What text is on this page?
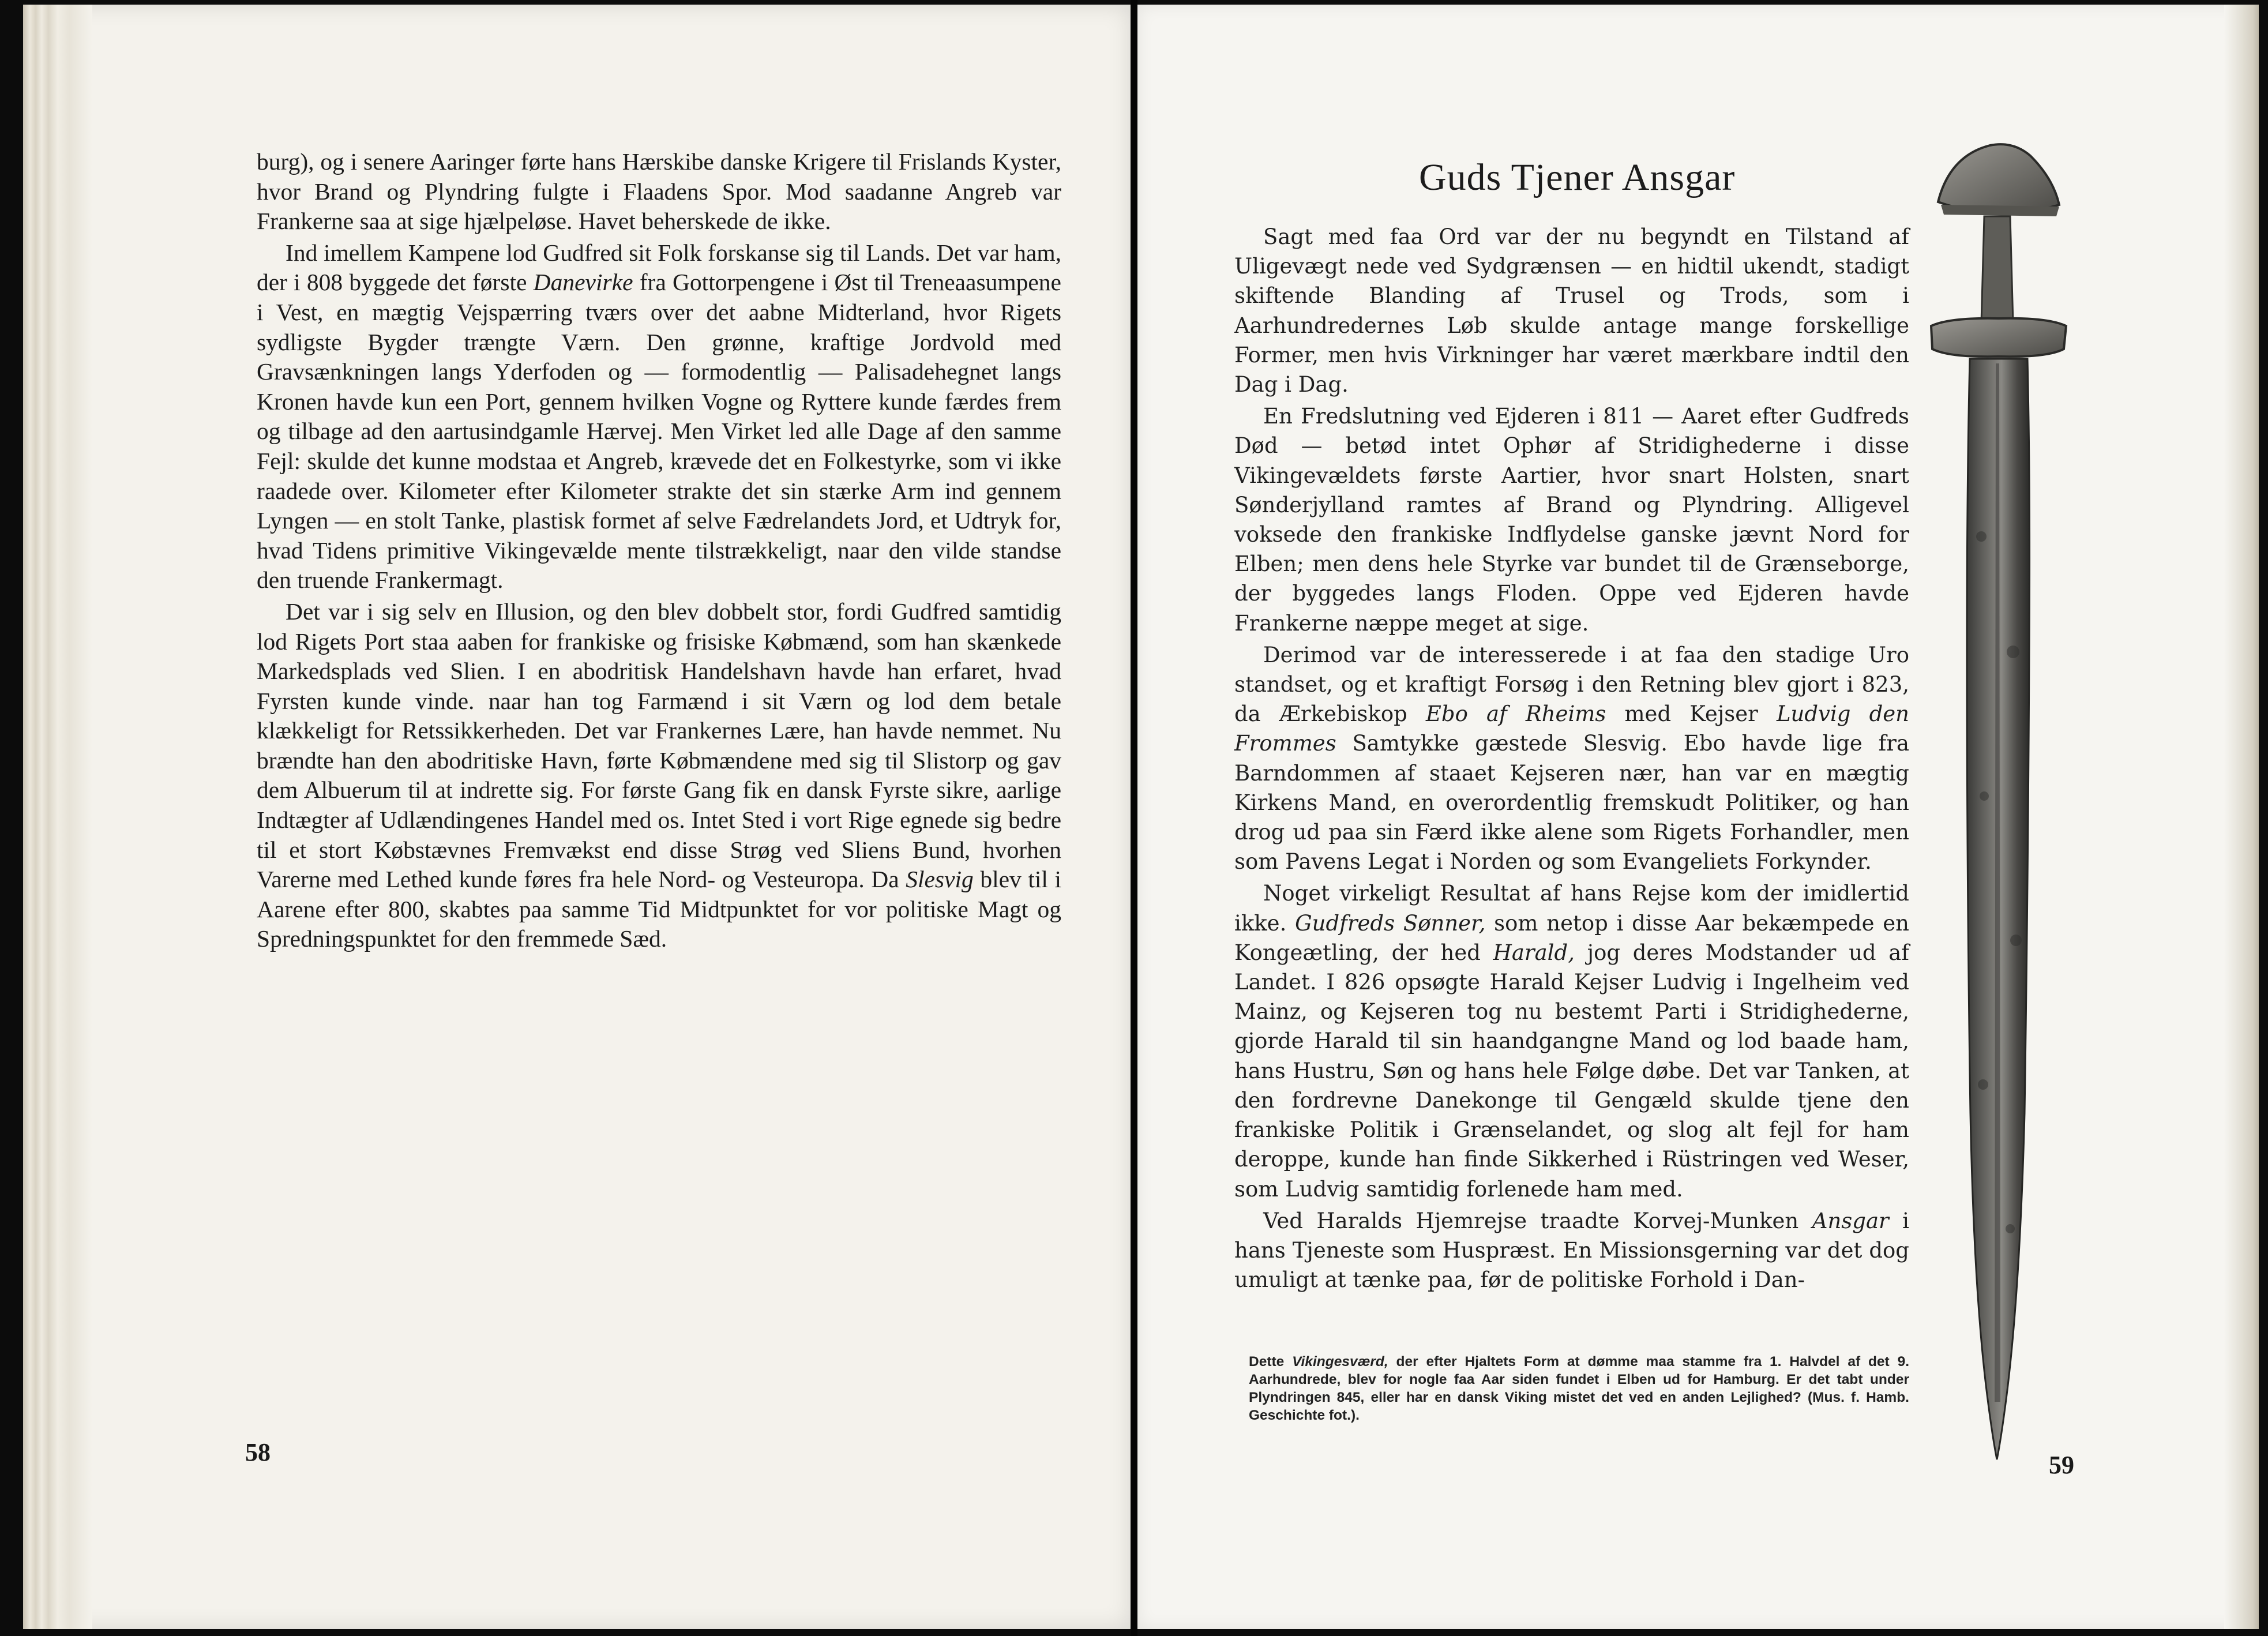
burg), og i senere Aaringer førte hans Hærskibe danske Krigere til Frislands Kyster, hvor Brand og Plyndring fulgte i Flaadens Spor. Mod saadanne Angreb var Frankerne saa at sige hjælpeløse. Havet beherskede de ikke.

Ind imellem Kampene lod Gudfred sit Folk forskanse sig til Lands. Det var ham, der i 808 byggede det første Danevirke fra Gottorpengene i Øst til Treneaasumpene i Vest, en mægtig Vejspærring tværs over det aabne Midterland, hvor Rigets sydligste Bygder trængte Værn. Den grønne, kraftige Jordvold med Gravsænkningen langs Yderfoden og — formodentlig — Palisadehegnet langs Kronen havde kun een Port, gennem hvilken Vogne og Ryttere kunde færdes frem og tilbage ad den aartusindgamle Hærvej. Men Virket led alle Dage af den samme Fejl: skulde det kunne modstaa et Angreb, krævede det en Folkestyrke, som vi ikke raadede over. Kilometer efter Kilometer strakte det sin stærke Arm ind gennem Lyngen — en stolt Tanke, plastisk formet af selve Fædrelandets Jord, et Udtryk for, hvad Tidens primitive Vikingevælde mente tilstrækkeligt, naar den vilde standse den truende Frankermagt.

Det var i sig selv en Illusion, og den blev dobbelt stor, fordi Gudfred samtidig lod Rigets Port staa aaben for frankiske og frisiske Købmænd, som han skænkede Markedsplads ved Slien. I en abodritisk Handelshavn havde han erfaret, hvad Fyrsten kunde vinde. naar han tog Farmænd i sit Værn og lod dem betale klækkeligt for Retssikkerheden. Det var Frankernes Lære, han havde nemmet. Nu brændte han den abodritiske Havn, førte Købmændene med sig til Slistorp og gav dem Albuerum til at indrette sig. For første Gang fik en dansk Fyrste sikre, aarlige Indtægter af Udlændingenes Handel med os. Intet Sted i vort Rige egnede sig bedre til et stort Købstævnes Fremvækst end disse Strøg ved Sliens Bund, hvorhen Varerne med Lethed kunde føres fra hele Nord- og Vesteuropa. Da Slesvig blev til i Aarene efter 800, skabtes paa samme Tid Midtpunktet for vor politiske Magt og Spredningspunktet for den fremmede Sæd.

58
Guds Tjener Ansgar

Sagt med faa Ord var der nu begyndt en Tilstand af Uligevægt nede ved Sydgrænsen — en hidtil ukendt, stadigt skiftende Blanding af Trusel og Trods, som i Aarhundredernes Løb skulde antage mange forskellige Former, men hvis Virkninger har været mærkbare indtil den Dag i Dag.

En Fredslutning ved Ejderen i 811 — Aaret efter Gudfreds Død — betød intet Ophør af Stridighederne i disse Vikingevældets første Aartier, hvor snart Holsten, snart Sønderjylland ramtes af Brand og Plyndring. Alligevel voksede den frankiske Indflydelse ganske jævnt Nord for Elben; men dens hele Styrke var bundet til de Grænseborge, der byggedes langs Floden. Oppe ved Ejderen havde Frankerne næppe meget at sige.

Derimod var de interesserede i at faa den stadige Uro standset, og et kraftigt Forsøg i den Retning blev gjort i 823, da Ærkebiskop Ebo af Rheims med Kejser Ludvig den Frommes Samtykke gæstede Slesvig. Ebo havde lige fra Barndommen af staaet Kejseren nær, han var en mægtig Kirkens Mand, en overordentlig fremskudt Politiker, og han drog ud paa sin Færd ikke alene som Rigets Forhandler, men som Pavens Legat i Norden og som Evangeliets Forkynder.

Noget virkeligt Resultat af hans Rejse kom der imidlertid ikke. Gudfreds Sønner, som netop i disse Aar bekæmpede en Kongeætling, der hed Harald, jog deres Modstander ud af Landet. I 826 opsøgte Harald Kejser Ludvig i Ingelheim ved Mainz, og Kejseren tog nu bestemt Parti i Stridighederne, gjorde Harald til sin haandgangne Mand og lod baade ham, hans Hustru, Søn og hans hele Følge døbe. Det var Tanken, at den fordrevne Danekonge til Gengæld skulde tjene den frankiske Politik i Grænselandet, og slog alt fejl for ham deroppe, kunde han finde Sikkerhed i Rüstringen ved Weser, som Ludvig samtidig forlenede ham med.

Ved Haralds Hjemrejse traadte Korvej-Munken Ansgar i hans Tjeneste som Huspræst. En Missionsgerning var det dog umuligt at tænke paa, før de politiske Forhold i Dan-

Dette Vikingesværd, der efter Hjaltets Form at dømme maa stamme fra 1. Halvdel af det 9. Aarhundrede, blev for nogle faa Aar siden fundet i Elben ud for Hamburg. Er det tabt under Plyndringen 845, eller har en dansk Viking mistet det ved en anden Lejlighed? (Mus. f. Hamb. Geschichte fot.).
59
